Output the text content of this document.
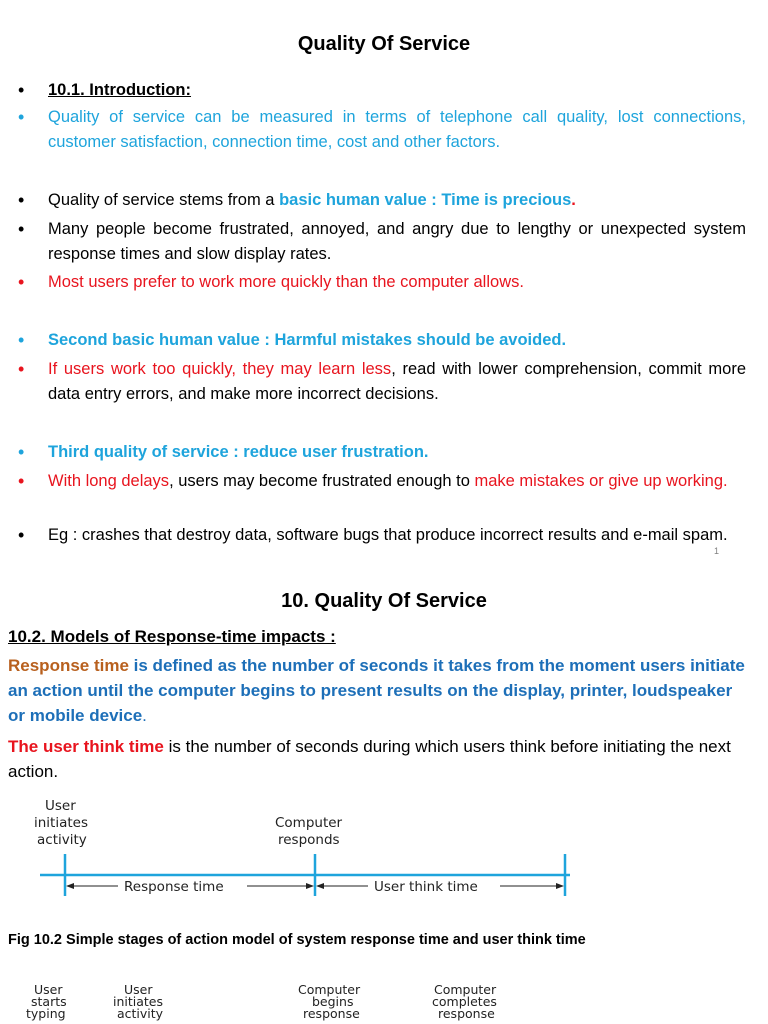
Quality Of Service
• 10.1. Introduction:
• Quality of service can be measured in terms of telephone call quality, lost connections, customer satisfaction, connection time, cost and other factors.
• Quality of service stems from a basic human value : Time is precious.
• Many people become frustrated, annoyed, and angry due to lengthy or unexpected system response times and slow display rates.
• Most users prefer to work more quickly than the computer allows.
• Second basic human value : Harmful mistakes should be avoided.
• If users work too quickly, they may learn less, read with lower comprehension, commit more data entry errors, and make more incorrect decisions.
• Third quality of service : reduce user frustration.
• With long delays, users may become frustrated enough to make mistakes or give up working.
• Eg : crashes that destroy data, software bugs that produce incorrect results and e-mail spam.
1
10. Quality Of Service
10.2. Models of Response-time impacts :
Response time is defined as the number of seconds it takes from the moment users initiate an action until the computer begins to present results on the display, printer, loudspeaker or mobile device.
The user think time is the number of seconds during which users think before initiating the next action.
User
initiates
activity
Computer
responds
Response time	User think time
Fig 10.2 Simple stages of action model of system response time and user think time
User
starts
typing
User
initiates
activity
Computer
begins
response
Computer
completes
response
